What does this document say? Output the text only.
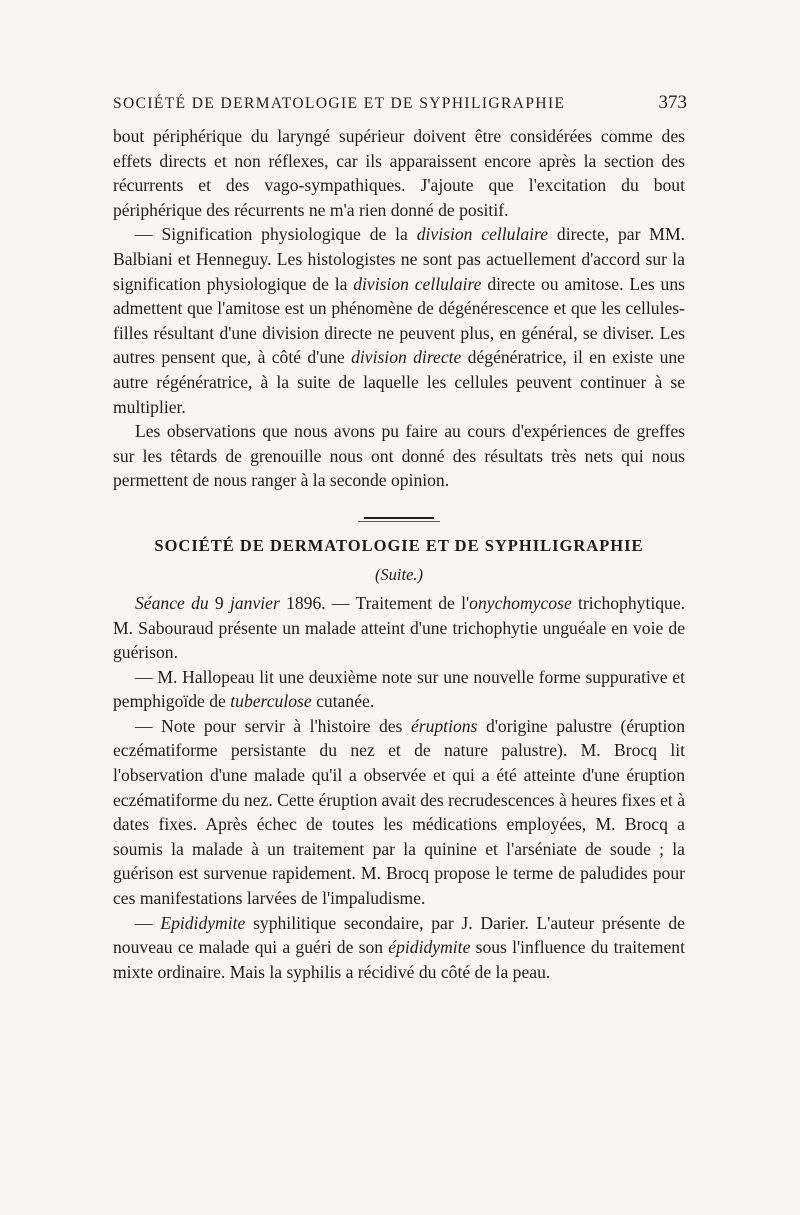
SOCIÉTÉ DE DERMATOLOGIE ET DE SYPHILIGRAPHIE	373

bout périphérique du laryngé supérieur doivent être considérées comme des effets directs et non réflexes, car ils apparaissent encore après la section des récurrents et des vago-sympathiques. J'ajoute que l'excitation du bout périphérique des récurrents ne m'a rien donné de positif.

— Signification physiologique de la division cellulaire directe, par MM. Balbiani et Henneguy. Les histologistes ne sont pas actuellement d'accord sur la signification physiologique de la division cellulaire directe ou amitose. Les uns admettent que l'amitose est un phénomène de dégénérescence et que les cellules-filles résultant d'une division directe ne peuvent plus, en général, se diviser. Les autres pensent que, à côté d'une division directe dégénératrice, il en existe une autre régénératrice, à la suite de laquelle les cellules peuvent continuer à se multiplier.

Les observations que nous avons pu faire au cours d'expériences de greffes sur les têtards de grenouille nous ont donné des résultats très nets qui nous permettent de nous ranger à la seconde opinion.

SOCIÉTÉ DE DERMATOLOGIE ET DE SYPHILIGRAPHIE
(Suite.)

Séance du 9 janvier 1896. — Traitement de l'onychomycose trichophytique. M. Sabouraud présente un malade atteint d'une trichophytie unguéale en voie de guérison.

— M. Hallopeau lit une deuxième note sur une nouvelle forme suppurative et pemphigoïde de tuberculose cutanée.

— Note pour servir à l'histoire des éruptions d'origine palustre (éruption eczématiforme persistante du nez et de nature palustre). M. Brocq lit l'observation d'une malade qu'il a observée et qui a été atteinte d'une éruption eczématiforme du nez. Cette éruption avait des recrudescences à heures fixes et à dates fixes. Après échec de toutes les médications employées, M. Brocq a soumis la malade à un traitement par la quinine et l'arséniate de soude ; la guérison est survenue rapidement. M. Brocq propose le terme de paludides pour ces manifestations larvées de l'impaludisme.

— Epididymite syphilitique secondaire, par J. Darier. L'auteur présente de nouveau ce malade qui a guéri de son épididymite sous l'influence du traitement mixte ordinaire. Mais la syphilis a récidivé du côté de la peau.
